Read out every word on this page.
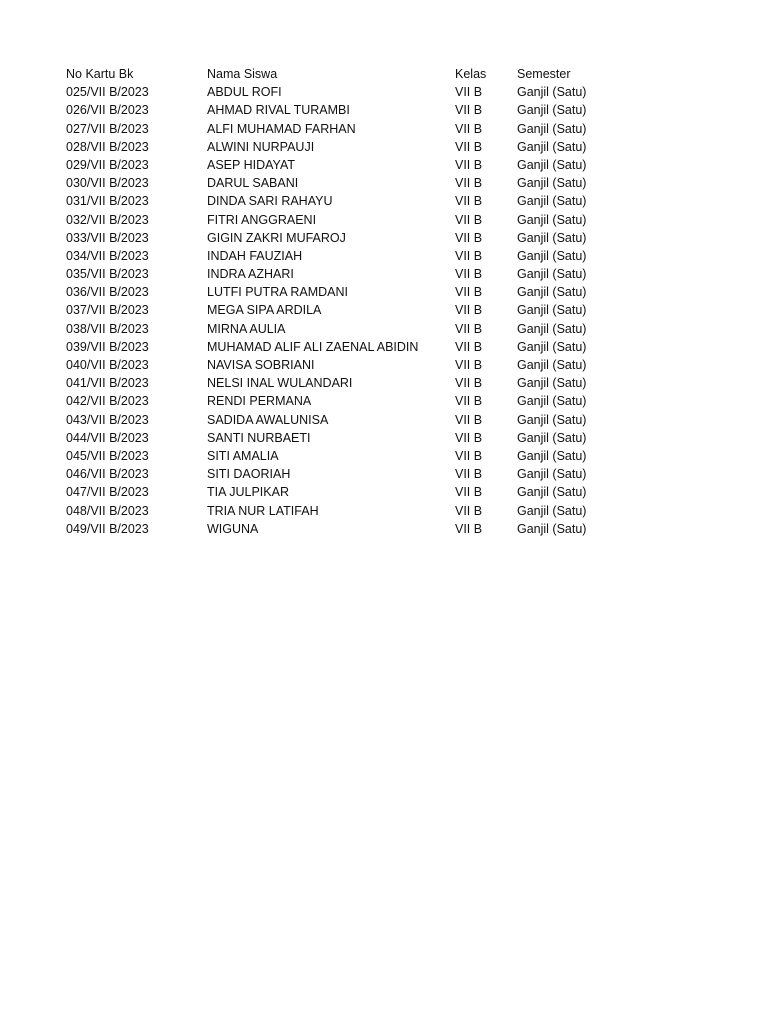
No Kartu Bk	Nama Siswa	Kelas	Semester
025/VII B/2023	ABDUL ROFI	VII B	Ganjil (Satu)
026/VII B/2023	AHMAD RIVAL TURAMBI	VII B	Ganjil (Satu)
027/VII B/2023	ALFI MUHAMAD FARHAN	VII B	Ganjil (Satu)
028/VII B/2023	ALWINI NURPAUJI	VII B	Ganjil (Satu)
029/VII B/2023	ASEP HIDAYAT	VII B	Ganjil (Satu)
030/VII B/2023	DARUL SABANI	VII B	Ganjil (Satu)
031/VII B/2023	DINDA SARI RAHAYU	VII B	Ganjil (Satu)
032/VII B/2023	FITRI ANGGRAENI	VII B	Ganjil (Satu)
033/VII B/2023	GIGIN ZAKRI MUFAROJ	VII B	Ganjil (Satu)
034/VII B/2023	INDAH FAUZIAH	VII B	Ganjil (Satu)
035/VII B/2023	INDRA AZHARI	VII B	Ganjil (Satu)
036/VII B/2023	LUTFI PUTRA RAMDANI	VII B	Ganjil (Satu)
037/VII B/2023	MEGA SIPA ARDILA	VII B	Ganjil (Satu)
038/VII B/2023	MIRNA AULIA	VII B	Ganjil (Satu)
039/VII B/2023	MUHAMAD ALIF ALI ZAENAL ABIDIN	VII B	Ganjil (Satu)
040/VII B/2023	NAVISA SOBRIANI	VII B	Ganjil (Satu)
041/VII B/2023	NELSI INAL WULANDARI	VII B	Ganjil (Satu)
042/VII B/2023	RENDI PERMANA	VII B	Ganjil (Satu)
043/VII B/2023	SADIDA AWALUNISA	VII B	Ganjil (Satu)
044/VII B/2023	SANTI NURBAETI	VII B	Ganjil (Satu)
045/VII B/2023	SITI AMALIA	VII B	Ganjil (Satu)
046/VII B/2023	SITI DAORIAH	VII B	Ganjil (Satu)
047/VII B/2023	TIA JULPIKAR	VII B	Ganjil (Satu)
048/VII B/2023	TRIA NUR LATIFAH	VII B	Ganjil (Satu)
049/VII B/2023	WIGUNA	VII B	Ganjil (Satu)
